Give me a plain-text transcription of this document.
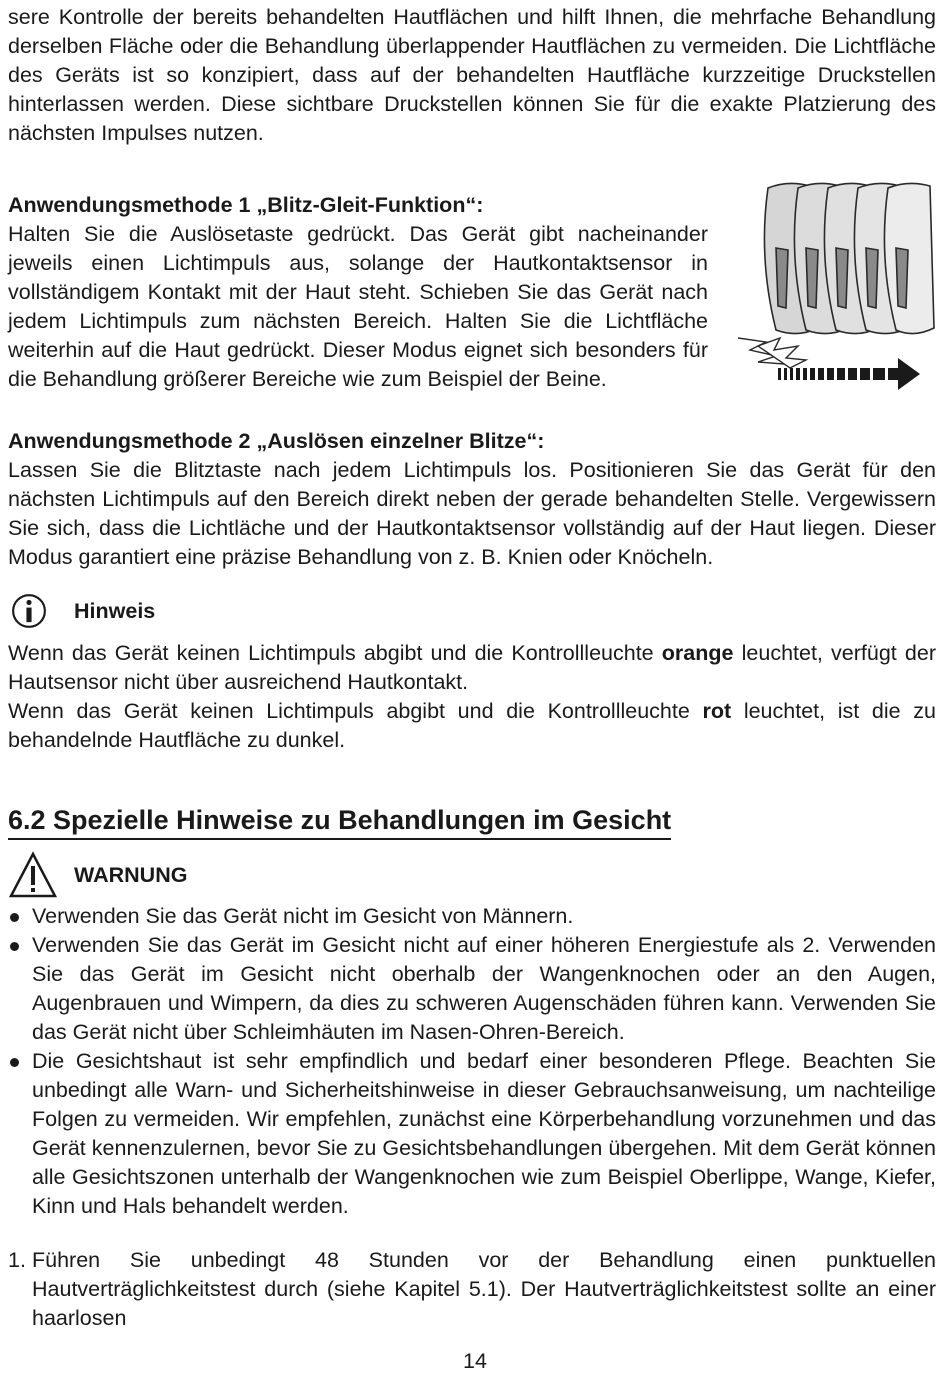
sere Kontrolle der bereits behandelten Hautflächen und hilft Ihnen, die mehrfache Behandlung derselben Fläche oder die Behandlung überlappender Hautflächen zu vermeiden. Die Lichtfläche des Geräts ist so konzipiert, dass auf der behandelten Hautfläche kurzzeitige Druckstellen hinterlassen werden. Diese sichtbare Druckstellen können Sie für die exakte Platzierung des nächsten Impulses nutzen.

Anwendungsmethode 1 „Blitz-Gleit-Funktion“:

Halten Sie die Auslösetaste gedrückt. Das Gerät gibt nacheinander jeweils einen Lichtimpuls aus, solange der Hautkontaktsensor in vollständigem Kontakt mit der Haut steht. Schieben Sie das Gerät nach jedem Lichtimpuls zum nächsten Bereich. Halten Sie die Lichtfläche weiterhin auf die Haut gedrückt. Dieser Modus eignet sich besonders für die Behandlung größerer Bereiche wie zum Beispiel der Beine.

Anwendungsmethode 2 „Auslösen einzelner Blitze“:

Lassen Sie die Blitztaste nach jedem Lichtimpuls los. Positionieren Sie das Gerät für den nächsten Lichtimpuls auf den Bereich direkt neben der gerade behandelten Stelle. Vergewissern Sie sich, dass die Lichtläche und der Hautkontaktsensor vollständig auf der Haut liegen. Dieser Modus garantiert eine präzise Behandlung von z. B. Knien oder Knöcheln.

Hinweis

Wenn das Gerät keinen Lichtimpuls abgibt und die Kontrollleuchte orange leuchtet, verfügt der Hautsensor nicht über ausreichend Hautkontakt.

Wenn das Gerät keinen Lichtimpuls abgibt und die Kontrollleuchte rot leuchtet, ist die zu behandelnde Hautfläche zu dunkel.

6.2 Spezielle Hinweise zu Behandlungen im Gesicht
WARNUNG
Verwenden Sie das Gerät nicht im Gesicht von Männern.
Verwenden Sie das Gerät im Gesicht nicht auf einer höheren Energiestufe als 2. Verwenden Sie das Gerät im Gesicht nicht oberhalb der Wangenknochen oder an den Augen, Augenbrauen und Wimpern, da dies zu schweren Augenschäden führen kann. Verwenden Sie das Gerät nicht über Schleimhäuten im Nasen-Ohren-Bereich.
Die Gesichtshaut ist sehr empfindlich und bedarf einer besonderen Pflege. Beachten Sie unbedingt alle Warn- und Sicherheitshinweise in dieser Gebrauchsanweisung, um nachteilige Folgen zu vermeiden. Wir empfehlen, zunächst eine Körperbehandlung vorzunehmen und das Gerät kennenzulernen, bevor Sie zu Gesichtsbehandlungen übergehen. Mit dem Gerät können alle Gesichtszonen unterhalb der Wangenknochen wie zum Beispiel Oberlippe, Wange, Kiefer, Kinn und Hals behandelt werden.
1. Führen Sie unbedingt 48 Stunden vor der Behandlung einen punktuellen Hautverträglichkeitstest durch (siehe Kapitel 5.1). Der Hautverträglichkeitstest sollte an einer haarlosen
14
